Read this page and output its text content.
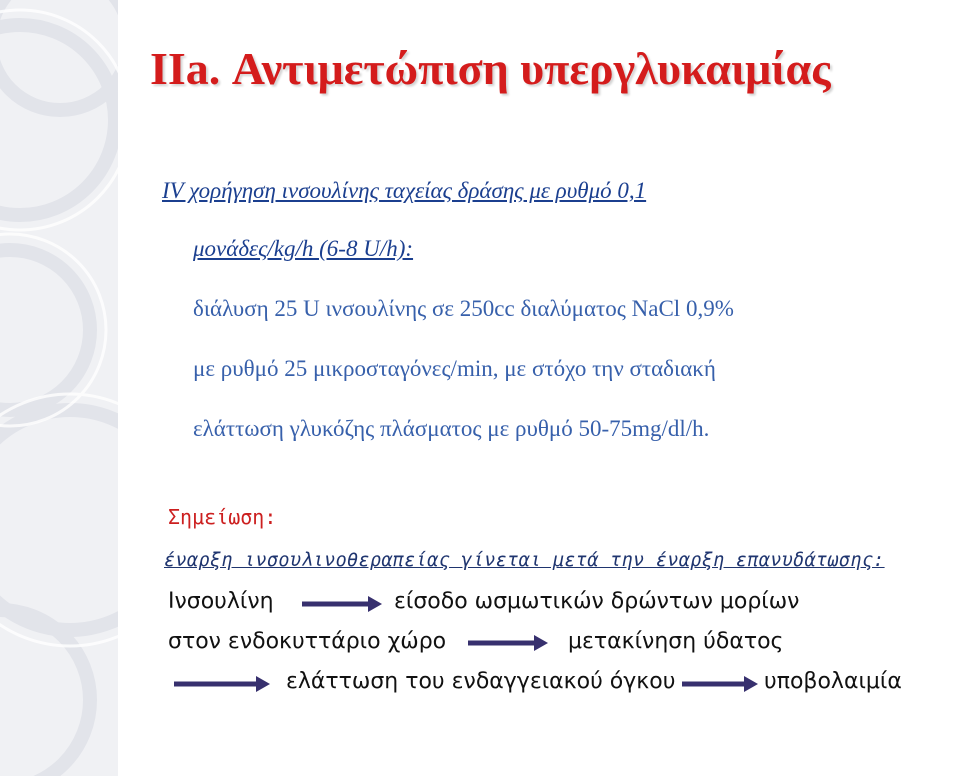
IIa. Αντιμετώπιση υπεργλυκαιμίας

IV χορήγηση ινσουλίνης ταχείας δράσης με ρυθμό 0,1

μονάδες/kg/h (6-8 U/h):

διάλυση 25 U ινσουλίνης σε 250cc διαλύματος NaCl 0,9%

με ρυθμό 25 μικροσταγόνες/min, με στόχο την σταδιακή

ελάττωση γλυκόζης πλάσματος με ρυθμό 50-75mg/dl/h.

Σημείωση:

έναρξη ινσουλινοθεραπείας γίνεται μετά την έναρξη επανυδάτωσης:

Ινσουλίνη	είσοδο ωσμωτικών δρώντων μορίων

στον ενδοκυττάριο χώρο	μετακίνηση ύδατος

ελάττωση του ενδαγγειακού όγκου	υποβολαιμία
